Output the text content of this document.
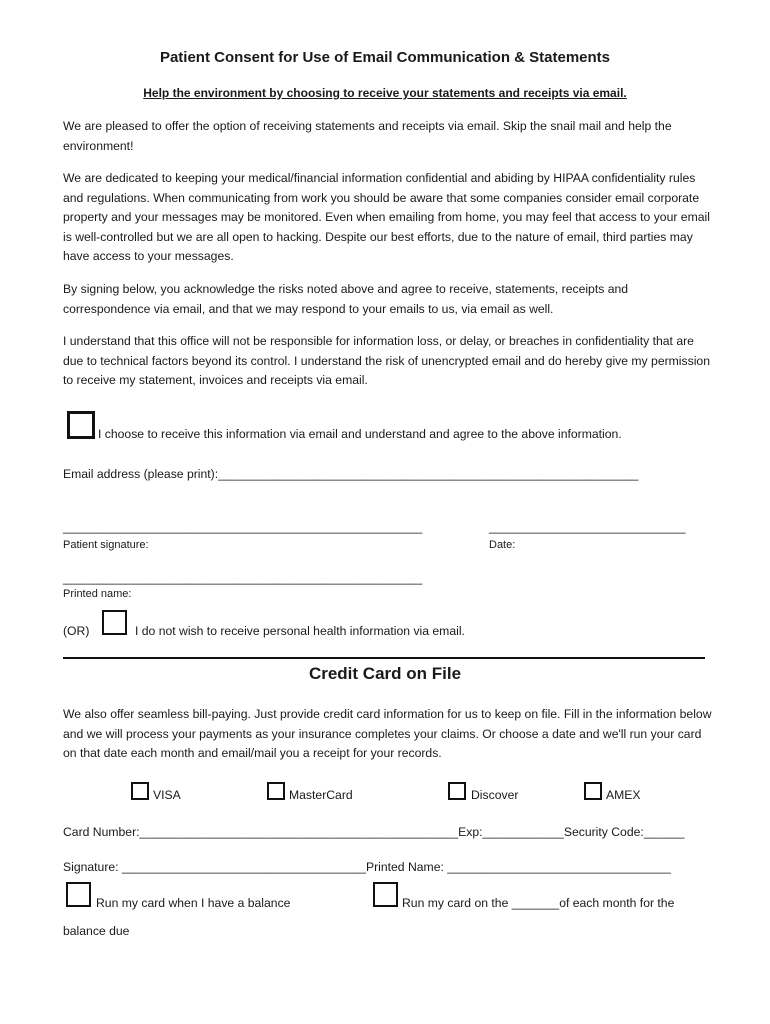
Patient Consent for Use of Email Communication & Statements
Help the environment by choosing to receive your statements and receipts via email.
We are pleased to offer the option of receiving statements and receipts via email. Skip the snail mail and help the environment!
We are dedicated to keeping your medical/financial information confidential and abiding by HIPAA confidentiality rules and regulations. When communicating from work you should be aware that some companies consider email corporate property and your messages may be monitored. Even when emailing from home, you may feel that access to your email is well-controlled but we are all open to hacking. Despite our best efforts, due to the nature of email, third parties may have access to your messages.
By signing below, you acknowledge the risks noted above and agree to receive, statements, receipts and correspondence via email, and that we may respond to your emails to us, via email as well.
I understand that this office will not be responsible for information loss, or delay, or breaches in confidentiality that are due to technical factors beyond its control. I understand the risk of unencrypted email and do hereby give my permission to receive my statement, invoices and receipts via email.
I choose to receive this information via email and understand and agree to the above information.
Email address (please print):______________________________________________________________
_____________________________________________________
Patient signature:
_____________________________
Date:
_____________________________________________________
Printed name:
(OR)	I do not wish to receive personal health information via email.
Credit Card on File
We also offer seamless bill-paying. Just provide credit card information for us to keep on file. Fill in the information below and we will process your payments as your insurance completes your claims. Or choose a date and we'll run your card on that date each month and email/mail you a receipt for your records.
VISA	MasterCard	Discover	AMEX
Card Number:_______________________________________________Exp:____________Security Code:______
Signature: ____________________________________Printed Name: _________________________________
Run my card when I have a balance
balance due
Run my card on the _______of each month for the
